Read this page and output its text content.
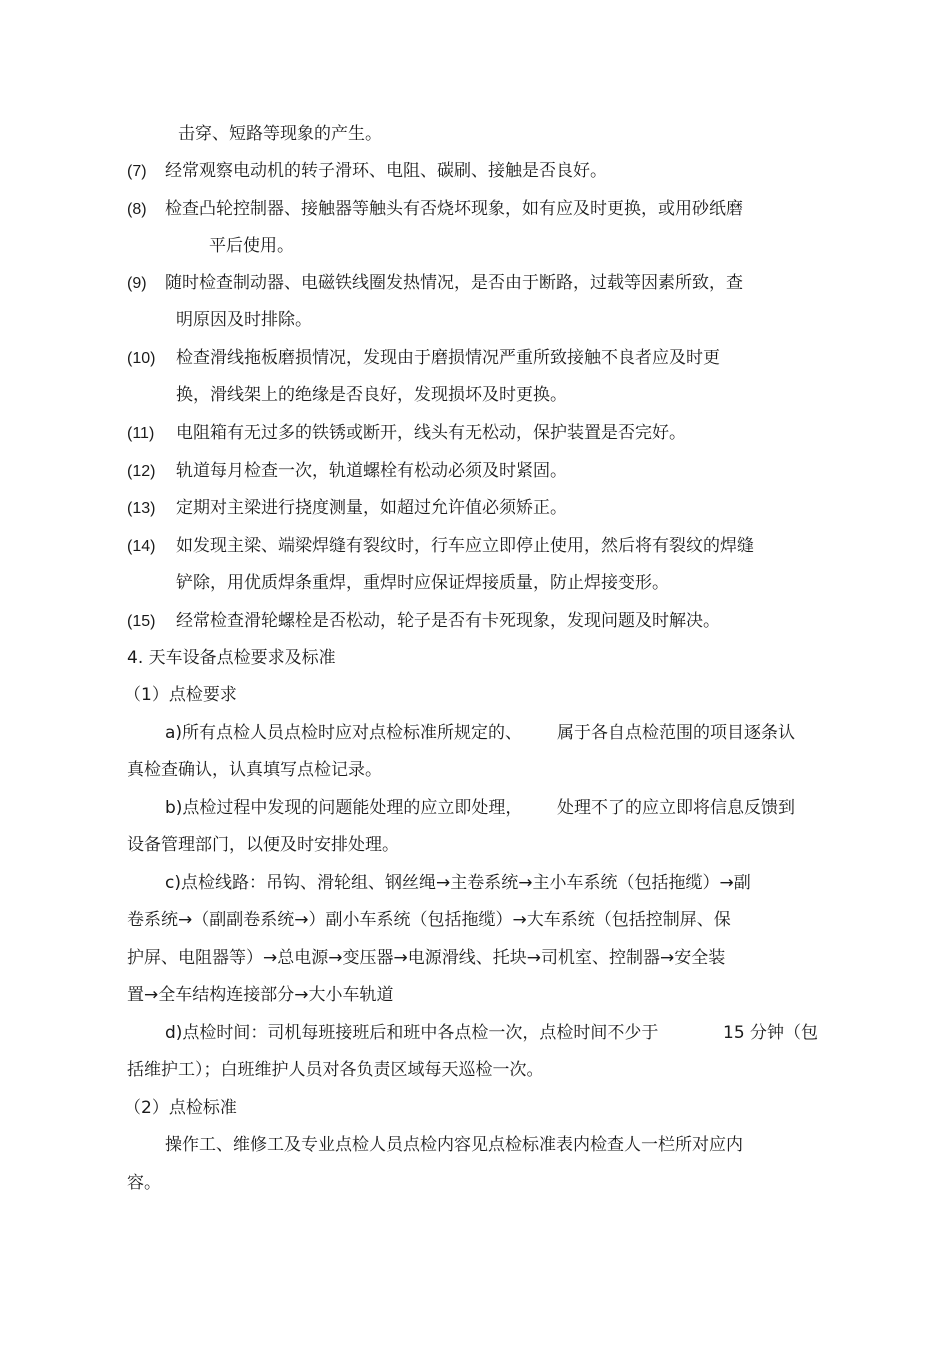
击穿、短路等现象的产生。
(7) 经常观察电动机的转子滑环、电阻、碳刷、接触是否良好。
(8) 检查凸轮控制器、接触器等触头有否烧坏现象，如有应及时更换，或用砂纸磨
平后使用。
(9) 随时检查制动器、电磁铁线圈发热情况，是否由于断路，过载等因素所致，查
明原因及时排除。
(10) 检查滑线拖板磨损情况，发现由于磨损情况严重所致接触不良者应及时更
换，滑线架上的绝缘是否良好，发现损坏及时更换。
(11) 电阻箱有无过多的铁锈或断开，线头有无松动，保护装置是否完好。
(12) 轨道每月检查一次，轨道螺栓有松动必须及时紧固。
(13) 定期对主梁进行挠度测量，如超过允许值必须矫正。
(14) 如发现主梁、端梁焊缝有裂纹时，行车应立即停止使用，然后将有裂纹的焊缝
铲除，用优质焊条重焊，重焊时应保证焊接质量，防止焊接变形。
(15) 经常检查滑轮螺栓是否松动，轮子是否有卡死现象，发现问题及时解决。
4. 天车设备点检要求及标准
（1）点检要求
a)所有点检人员点检时应对点检标准所规定的、 属于各自点检范围的项目逐条认
真检查确认，认真填写点检记录。
b)点检过程中发现的问题能处理的应立即处理， 处理不了的应立即将信息反馈到
设备管理部门，以便及时安排处理。
c)点检线路：吊钩、滑轮组、钢丝绳→主卷系统→主小车系统（包括拖缆）→副
卷系统→（副副卷系统→）副小车系统（包括拖缆）→大车系统（包括控制屏、保
护屏、电阻器等）→总电源→变压器→电源滑线、托块→司机室、控制器→安全装
置→全车结构连接部分→大小车轨道
d)点检时间：司机每班接班后和班中各点检一次，点检时间不少于	15 分钟（包
括维护工）；白班维护人员对各负责区域每天巡检一次。
（2）点检标准
操作工、维修工及专业点检人员点检内容见点检标准表内检查人一栏所对应内
容。
